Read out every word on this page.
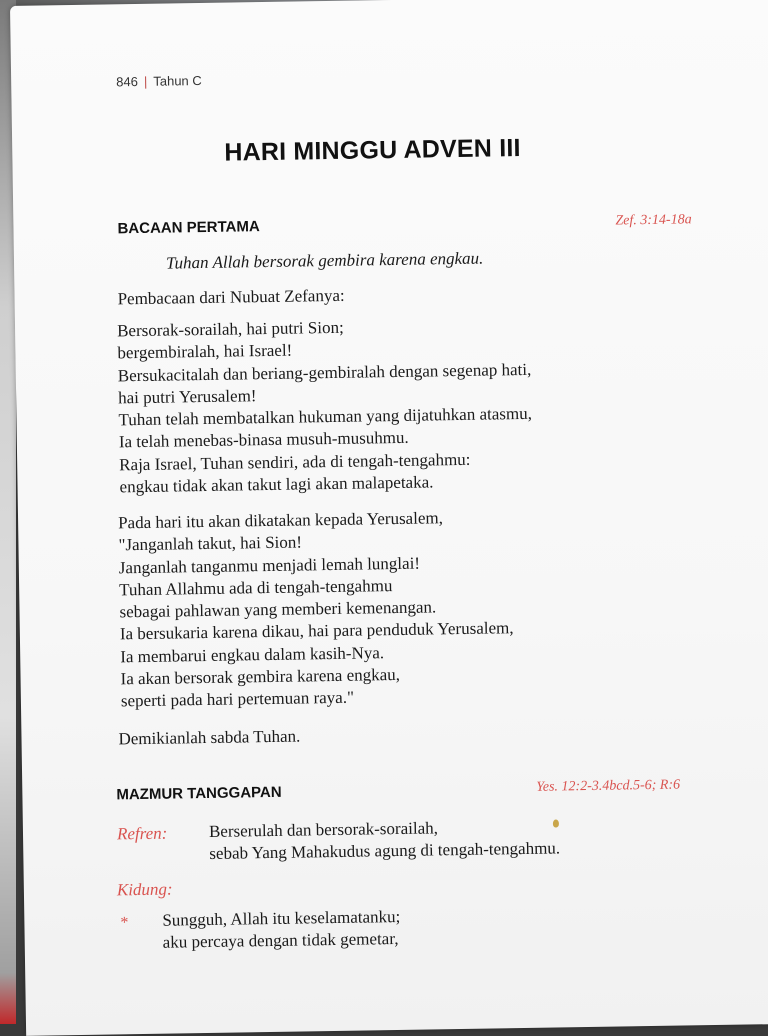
846 | Tahun C
HARI MINGGU ADVEN III
BACAAN PERTAMA	Zef. 3:14-18a
Tuhan Allah bersorak gembira karena engkau.
Pembacaan dari Nubuat Zefanya:
Bersorak-sorailah, hai putri Sion;
bergembiralah, hai Israel!
Bersukacitalah dan beriang-gembiralah dengan segenap hati,
hai putri Yerusalem!
Tuhan telah membatalkan hukuman yang dijatuhkan atasmu,
Ia telah menebas-binasa musuh-musuhmu.
Raja Israel, Tuhan sendiri, ada di tengah-tengahmu:
engkau tidak akan takut lagi akan malapetaka.
Pada hari itu akan dikatakan kepada Yerusalem,
"Janganlah takut, hai Sion!
Janganlah tanganmu menjadi lemah lunglai!
Tuhan Allahmu ada di tengah-tengahmu
sebagai pahlawan yang memberi kemenangan.
Ia bersukaria karena dikau, hai para penduduk Yerusalem,
Ia membarui engkau dalam kasih-Nya.
Ia akan bersorak gembira karena engkau,
seperti pada hari pertemuan raya."
Demikianlah sabda Tuhan.
MAZMUR TANGGAPAN	Yes. 12:2-3.4bcd.5-6; R:6
Refren: Berserulah dan bersorak-sorailah,
sebab Yang Mahakudus agung di tengah-tengahmu.
Kidung:
* Sungguh, Allah itu keselamatanku;
aku percaya dengan tidak gemetar,
